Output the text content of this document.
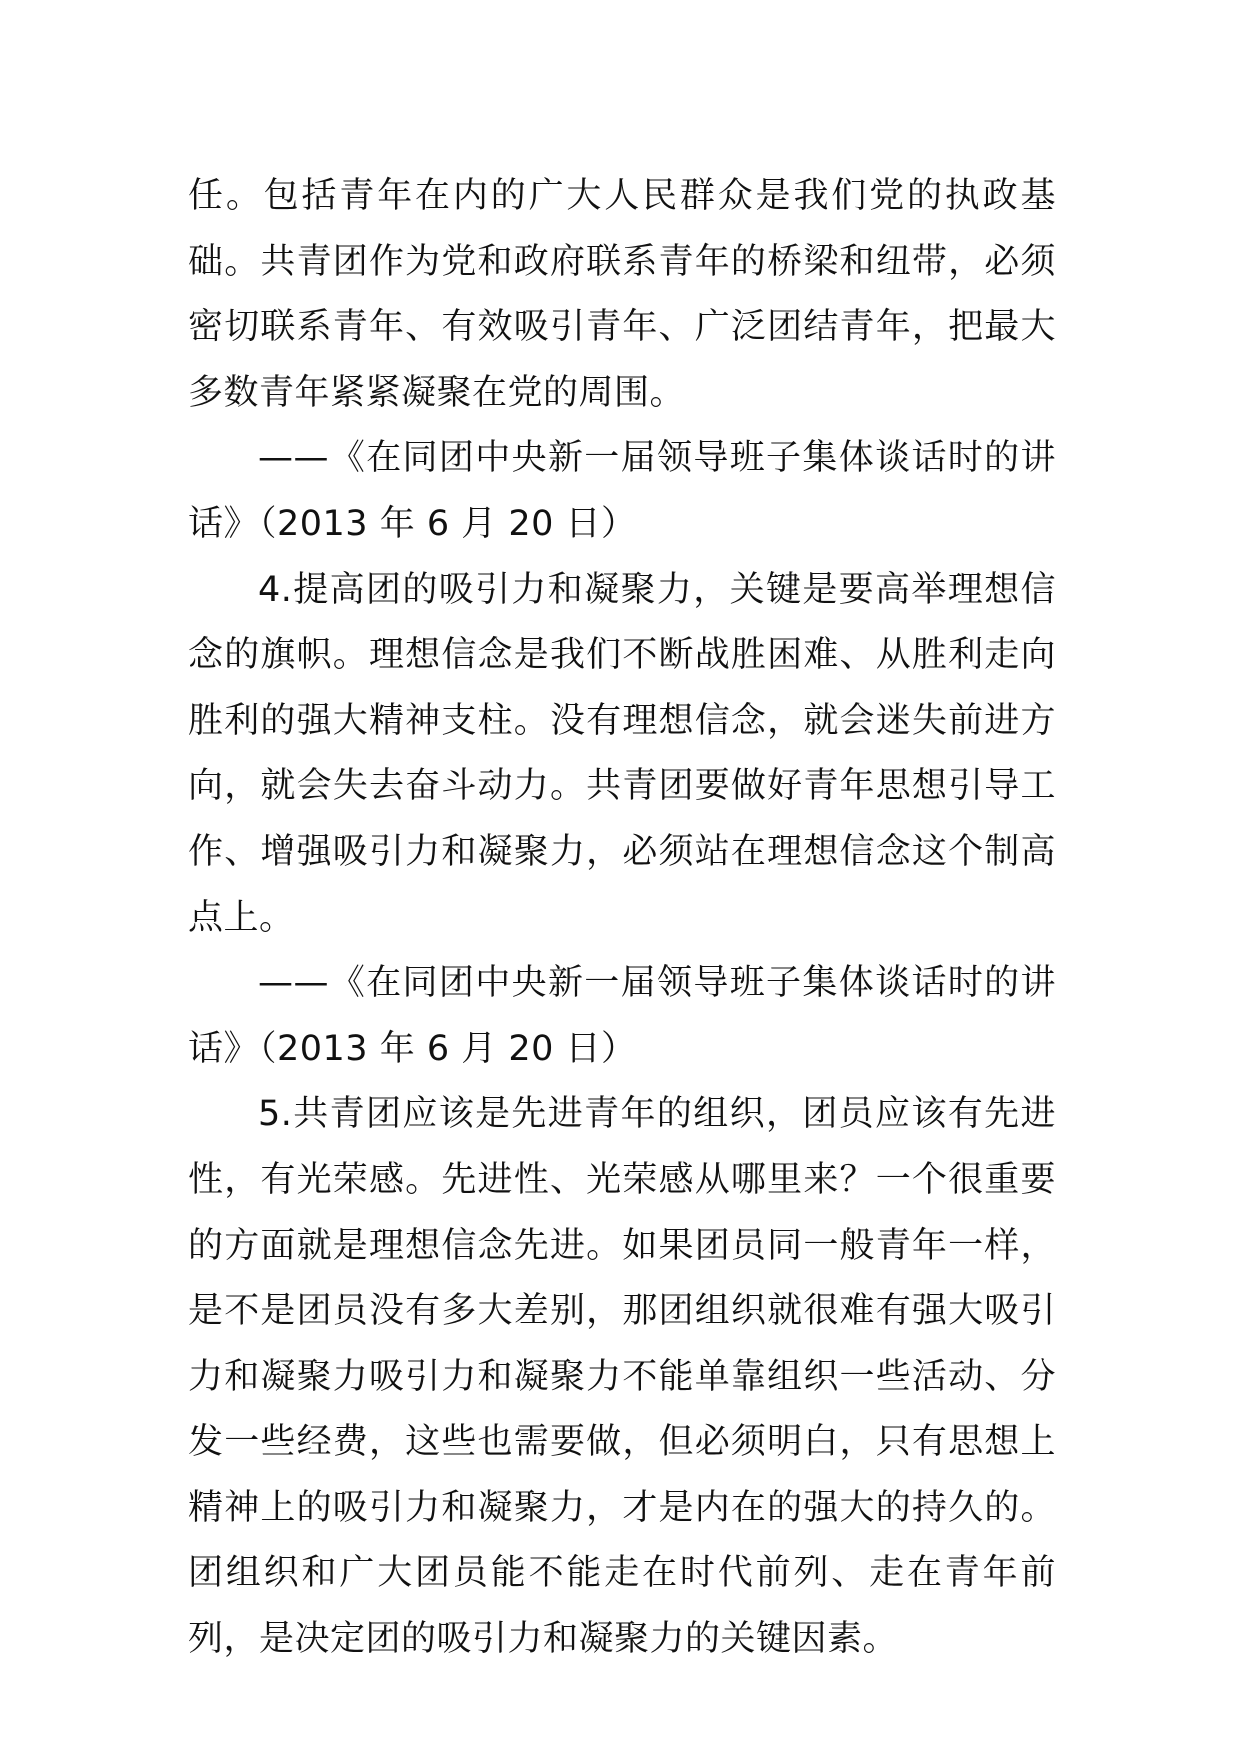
任。包括青年在内的广大人民群众是我们党的执政基础。共青团作为党和政府联系青年的桥梁和纽带，必须密切联系青年、有效吸引青年、广泛团结青年，把最大多数青年紧紧凝聚在党的周围。

——《在同团中央新一届领导班子集体谈话时的讲话》（2013 年 6 月 20 日）

4.提高团的吸引力和凝聚力，关键是要高举理想信念的旗帜。理想信念是我们不断战胜困难、从胜利走向胜利的强大精神支柱。没有理想信念，就会迷失前进方向，就会失去奋斗动力。共青团要做好青年思想引导工作、增强吸引力和凝聚力，必须站在理想信念这个制高点上。

——《在同团中央新一届领导班子集体谈话时的讲话》（2013 年 6 月 20 日）

5.共青团应该是先进青年的组织，团员应该有先进性，有光荣感。先进性、光荣感从哪里来？一个很重要的方面就是理想信念先进。如果团员同一般青年一样，是不是团员没有多大差别，那团组织就很难有强大吸引力和凝聚力吸引力和凝聚力不能单靠组织一些活动、分发一些经费，这些也需要做，但必须明白，只有思想上精神上的吸引力和凝聚力，才是内在的强大的持久的。团组织和广大团员能不能走在时代前列、走在青年前列，是决定团的吸引力和凝聚力的关键因素。
